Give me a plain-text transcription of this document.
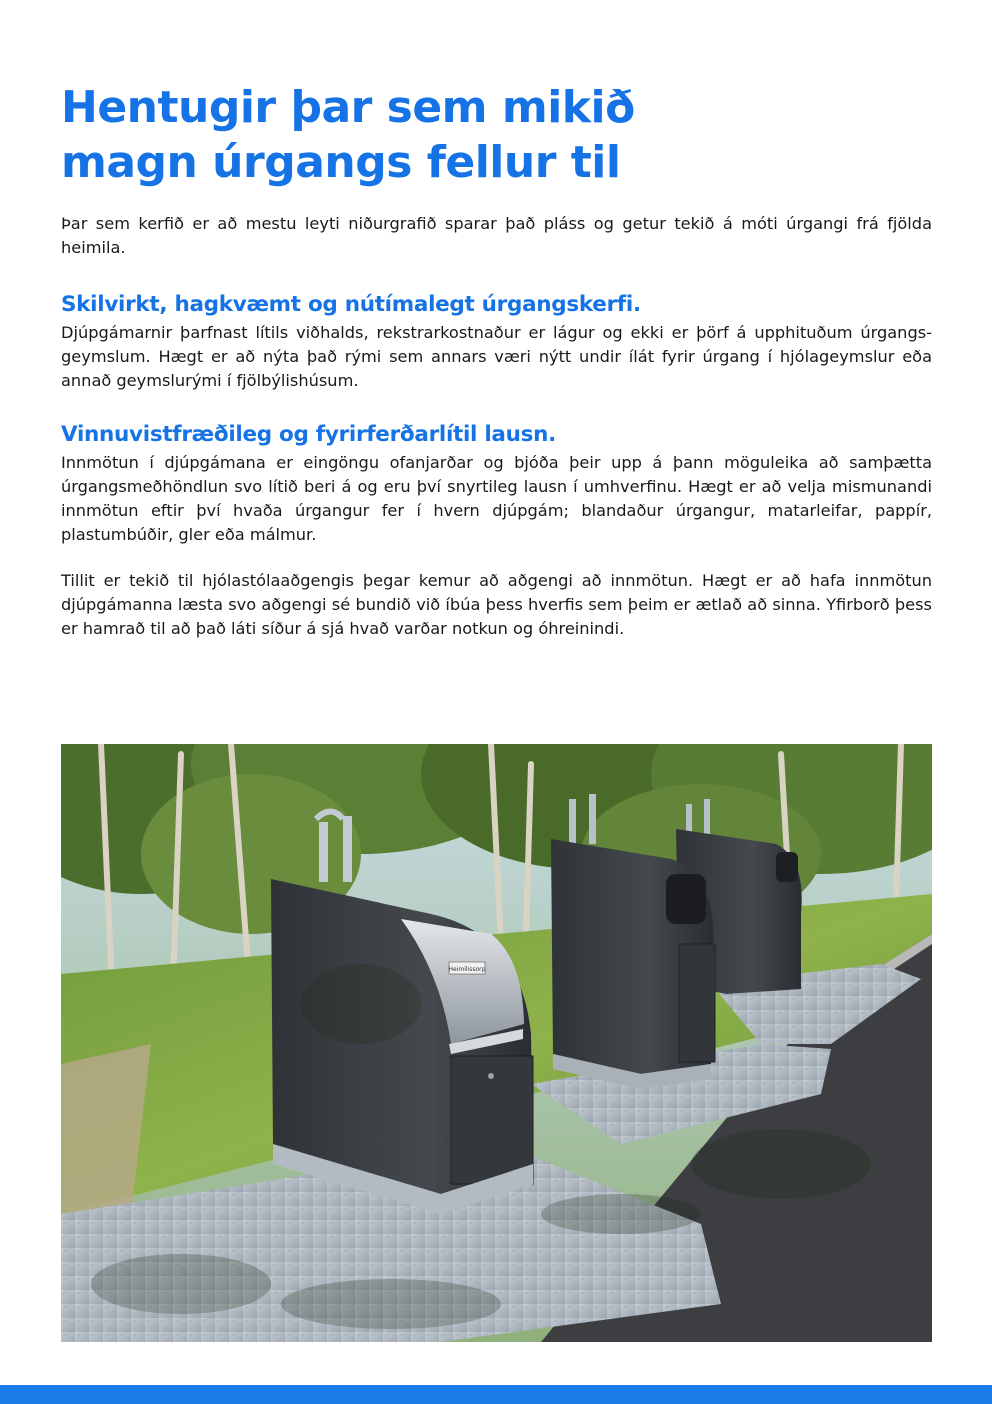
Hentugir þar sem mikið
magn úrgangs fellur til

Þar sem kerfið er að mestu leyti niðurgrafið sparar það pláss og getur tekið á móti úrgangi frá fjölda heimila.

Skilvirkt, hagkvæmt og nútímalegt úrgangskerfi.

Djúpgámarnir þarfnast lítils viðhalds, rekstrarkostnaður er lágur og ekki er þörf á upphituðum úrgangs-geymslum. Hægt er að nýta það rými sem annars væri nýtt undir ílát fyrir úrgang í hjólageymslur eða annað geymslurými í fjölbýlishúsum.

Vinnuvistfræðileg og fyrirferðarlítil lausn.

Innmötun í djúpgámana er eingöngu ofanjarðar og bjóða þeir upp á þann möguleika að samþætta úrgangsmeðhöndlun svo lítið beri á og eru því snyrtileg lausn í umhverfinu. Hægt er að velja mismunandi innmötun eftir því hvaða úrgangur fer í hvern djúpgám; blandaður úrgangur, matarleifar, pappír, plastumbúðir, gler eða málmur.

Tillit er tekið til hjólastólaaðgengis þegar kemur að aðgengi að innmötun. Hægt er að hafa innmötun djúpgámanna læsta svo aðgengi sé bundið við íbúa þess hverfis sem þeim er ætlað að sinna. Yfirborð þess er hamrað til að það láti síður á sjá hvað varðar notkun og óhreinindi.

Heimilissorp
